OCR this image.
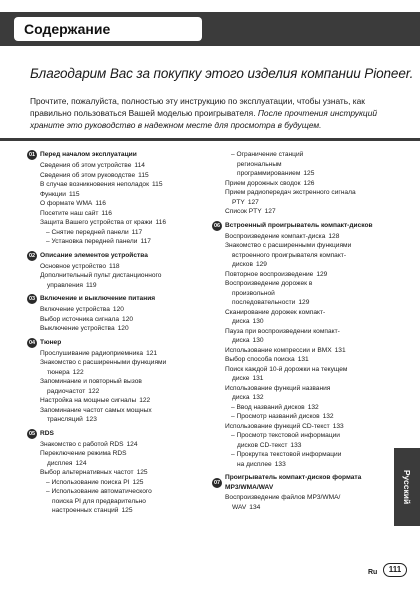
Содержание
Благодарим Вас за покупку этого изделия компании Pioneer.
Прочтите, пожалуйста, полностью эту инструкцию по эксплуатации, чтобы узнать, как правильно пользоваться Вашей моделью проигрывателя. После прочтения инструкций храните это руководство в надежном месте для просмотра в будущем.
01 Перед началом эксплуатации
Сведения об этом устройстве 114
Сведения об этом руководстве 115
В случае возникновения неполадок 115
Функции 115
О формате WMA 116
Посетите наш сайт 116
Защита Вашего устройства от кражи 116
– Снятие передней панели 117
– Установка передней панели 117
02 Описание элементов устройства
Основное устройство 118
Дополнительный пульт дистанционного
управления 119
03 Включение и выключение питания
Включение устройства 120
Выбор источника сигнала 120
Выключение устройства 120
04 Тюнер
Прослушивание радиоприемника 121
Знакомство с расширенными функциями
тюнера 122
Запоминание и повторный вызов
радиочастот 122
Настройка на мощные сигналы 122
Запоминание частот самых мощных
трансляций 123
05 RDS
Знакомство с работой RDS 124
Переключение режима RDS
дисплея 124
Выбор альтернативных частот 125
– Использование поиска PI 125
– Использование автоматического
поиска PI для предварительно
настроенных станций 125
– Ограничение станций
региональным
программированием 125
Прием дорожных сводок 126
Прием радиопередач экстренного сигнала
PTY 127
Список PTY 127
06 Встроенный проигрыватель компакт-дисков
Воспроизведение компакт-диска 128
Знакомство с расширенными функциями
встроенного проигрывателя компакт-
дисков 129
Повторное воспроизведение 129
Воспроизведение дорожек в
произвольной
последовательности 129
Сканирование дорожек компакт-
диска 130
Пауза при воспроизведении компакт-
диска 130
Использование компрессии и BMX 131
Выбор способа поиска 131
Поиск каждой 10-й дорожки на текущем
диске 131
Использование функций названия
диска 132
– Ввод названий дисков 132
– Просмотр названий дисков 132
Использование функций CD-текст 133
– Просмотр текстовой информации
дисков CD-текст 133
– Прокрутка текстовой информации
на дисплее 133
07
Проигрыватель компакт-дисков формата MP3/WMA/WAV
Воспроизведение файлов MP3/WMA/
WAV 134
Русский
Ru	111
